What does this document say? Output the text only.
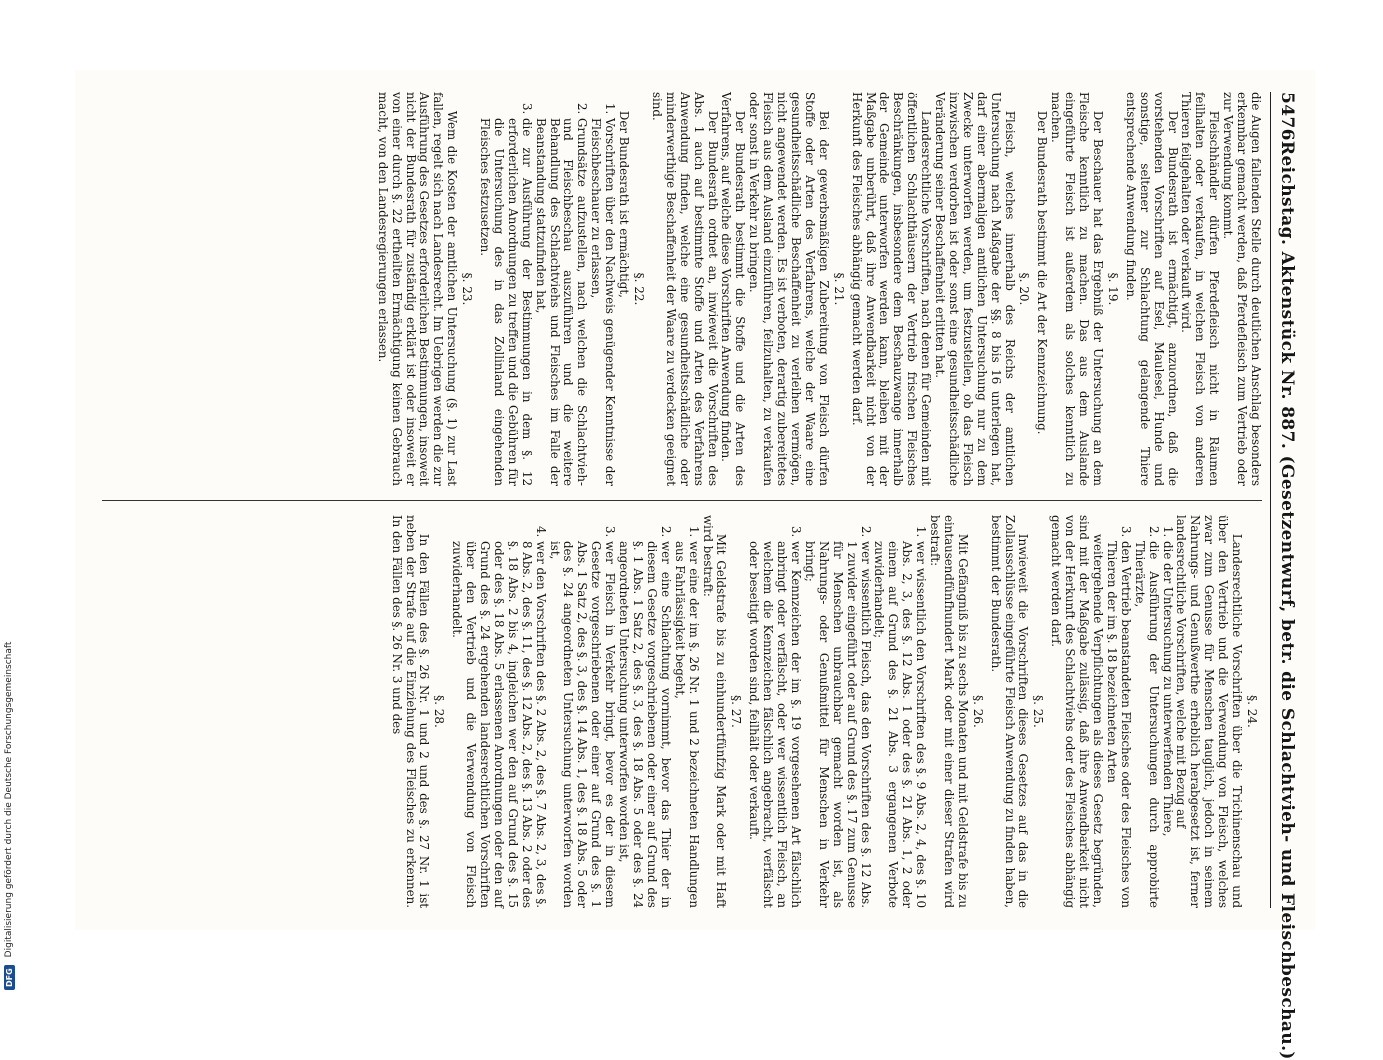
5476
Reichstag. Aktenstück Nr. 887. (Gesetzentwurf, betr. die Schlachtvieh- und Fleischbeschau.)

die Augen fallenden Stelle durch deutlichen Anschlag besonders erkennbar gemacht werden, daß Pferdefleisch zum Vertrieb oder zur Verwendung kommt.

Fleischhändler dürfen Pferdefleisch nicht in Räumen feilhalten oder verkaufen, in welchen Fleisch von anderen Thieren feilgehalten oder verkauft wird.

Der Bundesrath ist ermächtigt, anzuordnen, daß die vorstehenden Vorschriften auf Esel, Maulesel, Hunde und sonstige, seltener zur Schlachtung gelangende Thiere entsprechende Anwendung finden.

§. 19.

Der Beschauer hat das Ergebniß der Untersuchung an dem Fleische kenntlich zu machen. Das aus dem Auslande eingeführte Fleisch ist außerdem als solches kenntlich zu machen.

Der Bundesrath bestimmt die Art der Kennzeichnung.

§. 20.

Fleisch, welches innerhalb des Reichs der amtlichen Untersuchung nach Maßgabe der §§. 8 bis 16 unterlegen hat, darf einer abermaligen amtlichen Untersuchung nur zu dem Zwecke unterworfen werden, um festzustellen, ob das Fleisch inzwischen verdorben ist oder sonst eine gesundheitsschädliche Veränderung seiner Beschaffenheit erlitten hat.

Landesrechtliche Vorschriften, nach denen für Gemeinden mit öffentlichen Schlachthäusern der Vertrieb frischen Fleisches Beschränkungen, insbesondere dem Beschauzwange innerhalb der Gemeinde unterworfen werden kann, bleiben mit der Maßgabe unberührt, daß ihre Anwendbarkeit nicht von der Herkunft des Fleisches abhängig gemacht werden darf.

§. 21.

Bei der gewerbsmäßigen Zubereitung von Fleisch dürfen Stoffe oder Arten des Verfahrens, welche der Waare eine gesundheitsschädliche Beschaffenheit zu verleihen vermögen, nicht angewendet werden. Es ist verboten, derartig zubereitetes Fleisch aus dem Ausland einzuführen, feilzuhalten, zu verkaufen oder sonst in Verkehr zu bringen.

Der Bundesrath bestimmt die Stoffe und die Arten des Verfahrens, auf welche diese Vorschriften Anwendung finden.

Der Bundesrath ordnet an, inwieweit die Vorschriften des Abs. 1 auch auf bestimmte Stoffe und Arten des Verfahrens Anwendung finden, welche eine gesundheitsschädliche oder minderwerthige Beschaffenheit der Waare zu verdecken geeignet sind.

§. 22.

Der Bundesrath ist ermächtigt,

1. Vorschriften über den Nachweis genügender Kenntnisse der Fleischbeschauer zu erlassen,
2. Grundsätze aufzustellen, nach welchen die Schlachtvieh- und Fleischbeschau auszuführen und die weitere Behandlung des Schlachtviehs und Fleisches im Falle der Beanstandung stattzufinden hat,
3. die zur Ausführung der Bestimmungen in dem §. 12 erforderlichen Anordnungen zu treffen und die Gebühren für die Untersuchung des in das Zollinland eingehenden Fleisches festzusetzen.

§. 23.

Wem die Kosten der amtlichen Untersuchung (§. 1) zur Last fallen, regelt sich nach Landesrecht. Im Uebrigen werden die zur Ausführung des Gesetzes erforderlichen Bestimmungen, insoweit nicht der Bundesrath für zuständig erklärt ist oder insoweit er von einer durch §. 22 ertheilten Ermächtigung keinen Gebrauch macht, von den Landesregierungen erlassen.

§. 24.

Landesrechtliche Vorschriften über die Trichinenschau und über den Vertrieb und die Verwendung von Fleisch, welches zwar zum Genusse für Menschen tauglich, jedoch in seinem Nahrungs- und Genußwerthe erheblich herabgesetzt ist, ferner landesrechtliche Vorschriften, welche mit Bezug auf

1. die der Untersuchung zu unterwerfenden Thiere,
2. die Ausführung der Untersuchungen durch approbirte Thierärzte,
3. den Vertrieb beanstandeten Fleisches oder des Fleisches von Thieren der im §. 18 bezeichneten Arten

weitergehende Verpflichtungen als dieses Gesetz begründen, sind mit der Maßgabe zulässig, daß ihre Anwendbarkeit nicht von der Herkunft des Schlachtviehs oder des Fleisches abhängig gemacht werden darf.

§. 25.

Inwieweit die Vorschriften dieses Gesetzes auf das in die Zollausschlüsse eingeführte Fleisch Anwendung zu finden haben, bestimmt der Bundesrath.

§. 26.

Mit Gefängniß bis zu sechs Monaten und mit Geldstrafe bis zu eintausendfünfhundert Mark oder mit einer dieser Strafen wird bestraft:

1. wer wissentlich den Vorschriften des §. 9 Abs. 2, 4, des §. 10 Abs. 2, 3, des §. 12 Abs. 1 oder des §. 21 Abs. 1, 2 oder einem auf Grund des §. 21 Abs. 3 ergangenen Verbote zuwiderhandelt;
2. wer wissentlich Fleisch, das den Vorschriften des §. 12 Abs. 1 zuwider eingeführt oder auf Grund des §. 17 zum Genusse für Menschen unbrauchbar gemacht worden ist, als Nahrungs- oder Genußmittel für Menschen in Verkehr bringt;
3. wer Kennzeichen der im §. 19 vorgesehenen Art fälschlich anbringt oder verfälscht, oder wer wissentlich Fleisch, an welchem die Kennzeichen fälschlich angebracht, verfälscht oder beseitigt worden sind, feilhält oder verkauft.

§. 27.

Mit Geldstrafe bis zu einhundertfünfzig Mark oder mit Haft wird bestraft:

1. wer eine der im §. 26 Nr. 1 und 2 bezeichneten Handlungen aus Fahrlässigkeit begeht,
2. wer eine Schlachtung vornimmt, bevor das Thier der in diesem Gesetze vorgeschriebenen oder einer auf Grund des §. 1 Abs. 1 Satz 2, des §. 3, des §. 18 Abs. 5 oder des §. 24 angeordneten Untersuchung unterworfen worden ist,
3. wer Fleisch in Verkehr bringt, bevor es der in diesem Gesetze vorgeschriebenen oder einer auf Grund des §. 1 Abs. 1 Satz 2, des §. 3, des §. 14 Abs. 1, des §. 18 Abs. 5 oder des §. 24 angeordneten Untersuchung unterworfen worden ist,
4. wer den Vorschriften des §. 2 Abs. 2, des §. 7 Abs. 2, 3, des §. 8 Abs. 2, des §. 11, des §. 12 Abs. 2, des §. 13 Abs. 2 oder des §. 18 Abs. 2 bis 4, ingleichen wer den auf Grund des §. 15 oder des §. 18 Abs. 5 erlassenen Anordnungen oder den auf Grund des §. 24 ergehenden landesrechtlichen Vorschriften über den Vertrieb und die Verwendung von Fleisch zuwiderhandelt.

§. 28.

In den Fällen des §. 26 Nr. 1 und 2 und des §. 27 Nr. 1 ist neben der Strafe auf die Einziehung des Fleisches zu erkennen. In den Fällen des §. 26 Nr. 3 und des

DFG
Digitalisierung gefördert durch die Deutsche Forschungsgemeinschaft
